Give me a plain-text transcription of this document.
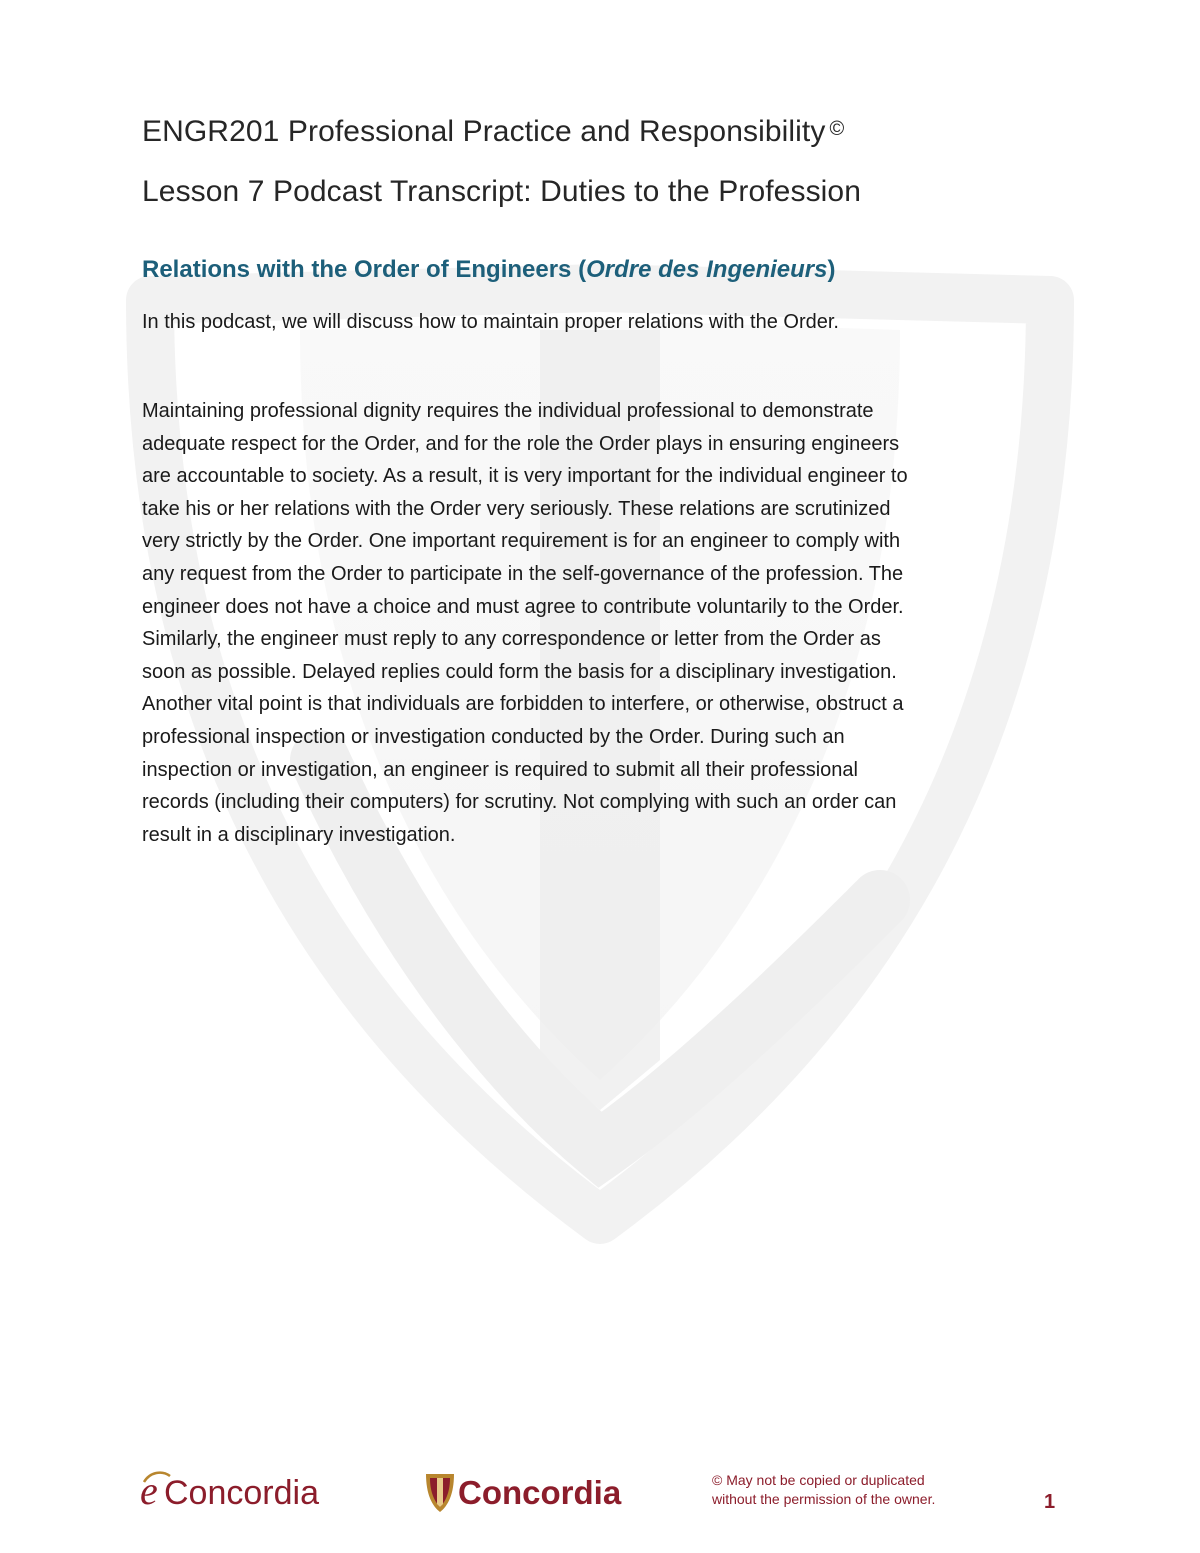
ENGR201 Professional Practice and Responsibility ©
Lesson 7 Podcast Transcript: Duties to the Profession
Relations with the Order of Engineers (Ordre des Ingenieurs)
In this podcast, we will discuss how to maintain proper relations with the Order.
Maintaining professional dignity requires the individual professional to demonstrate
adequate respect for the Order, and for the role the Order plays in ensuring engineers
are accountable to society. As a result, it is very important for the individual engineer to
take his or her relations with the Order very seriously. These relations are scrutinized
very strictly by the Order. One important requirement is for an engineer to comply with
any request from the Order to participate in the self-governance of the profession. The
engineer does not have a choice and must agree to contribute voluntarily to the Order.
Similarly, the engineer must reply to any correspondence or letter from the Order as
soon as possible. Delayed replies could form the basis for a disciplinary investigation.
Another vital point is that individuals are forbidden to interfere, or otherwise, obstruct a
professional inspection or investigation conducted by the Order. During such an
inspection or investigation, an engineer is required to submit all their professional
records (including their computers) for scrutiny. Not complying with such an order can
result in a disciplinary investigation.
e Concordia	Concordia	© May not be copied or duplicated
without the permission of the owner.	1
